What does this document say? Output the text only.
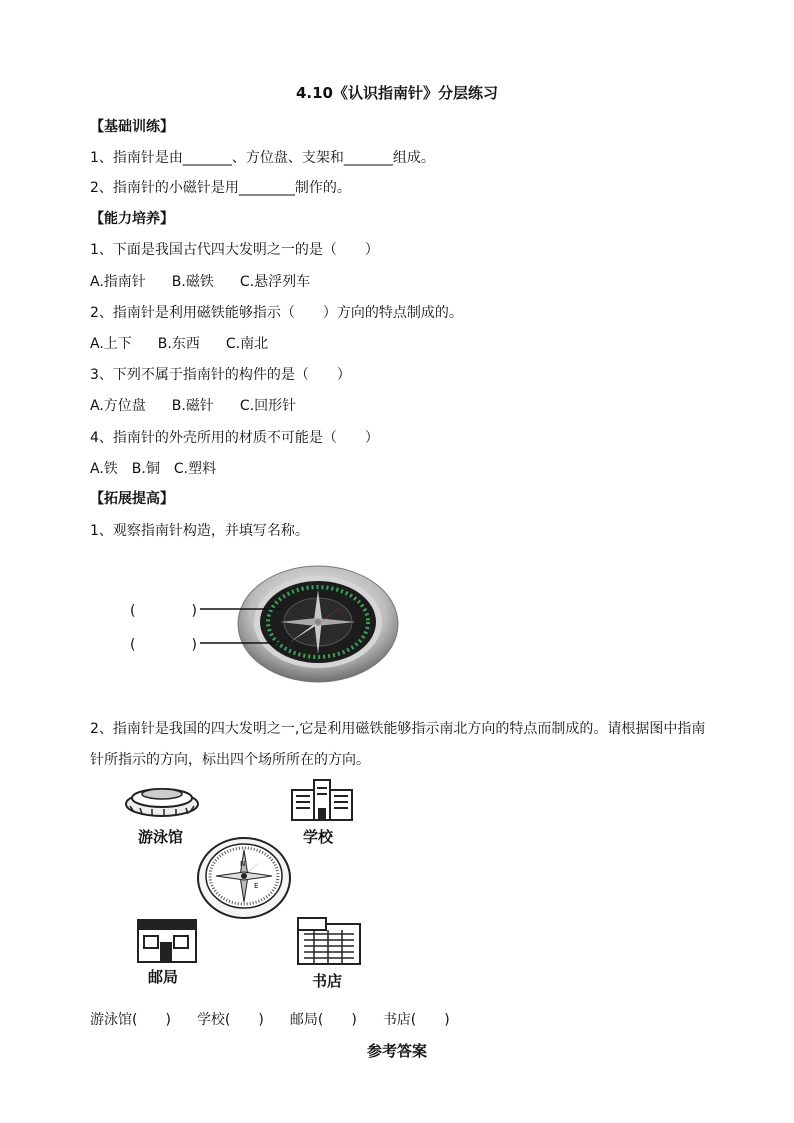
4.10《认识指南针》分层练习
【基础训练】
1、指南针是由_______、方位盘、支架和_______组成。
2、指南针的小磁针是用________制作的。
【能力培养】
1、下面是我国古代四大发明之一的是（　　）
A.指南针 B.磁铁 C.悬浮列车
2、指南针是利用磁铁能够指示（　　）方向的特点制成的。
A.上下 B.东西 C.南北
3、下列不属于指南针的构件的是（　　）
A.方位盘 B.磁针 C.回形针
4、指南针的外壳所用的材质不可能是（　　）
A.铁 B.铜 C.塑料
【拓展提高】
1、观察指南针构造，并填写名称。
(　　　　)
(　　　　)
2、指南针是我国的四大发明之一,它是利用磁铁能够指示南北方向的特点而制成的。请根据图中指南
针所指示的方向，标出四个场所所在的方向。
游泳馆	学校
N
E
邮局	书店
游泳馆(　　) 学校(　　) 邮局(　　) 书店(　　)
参考答案
